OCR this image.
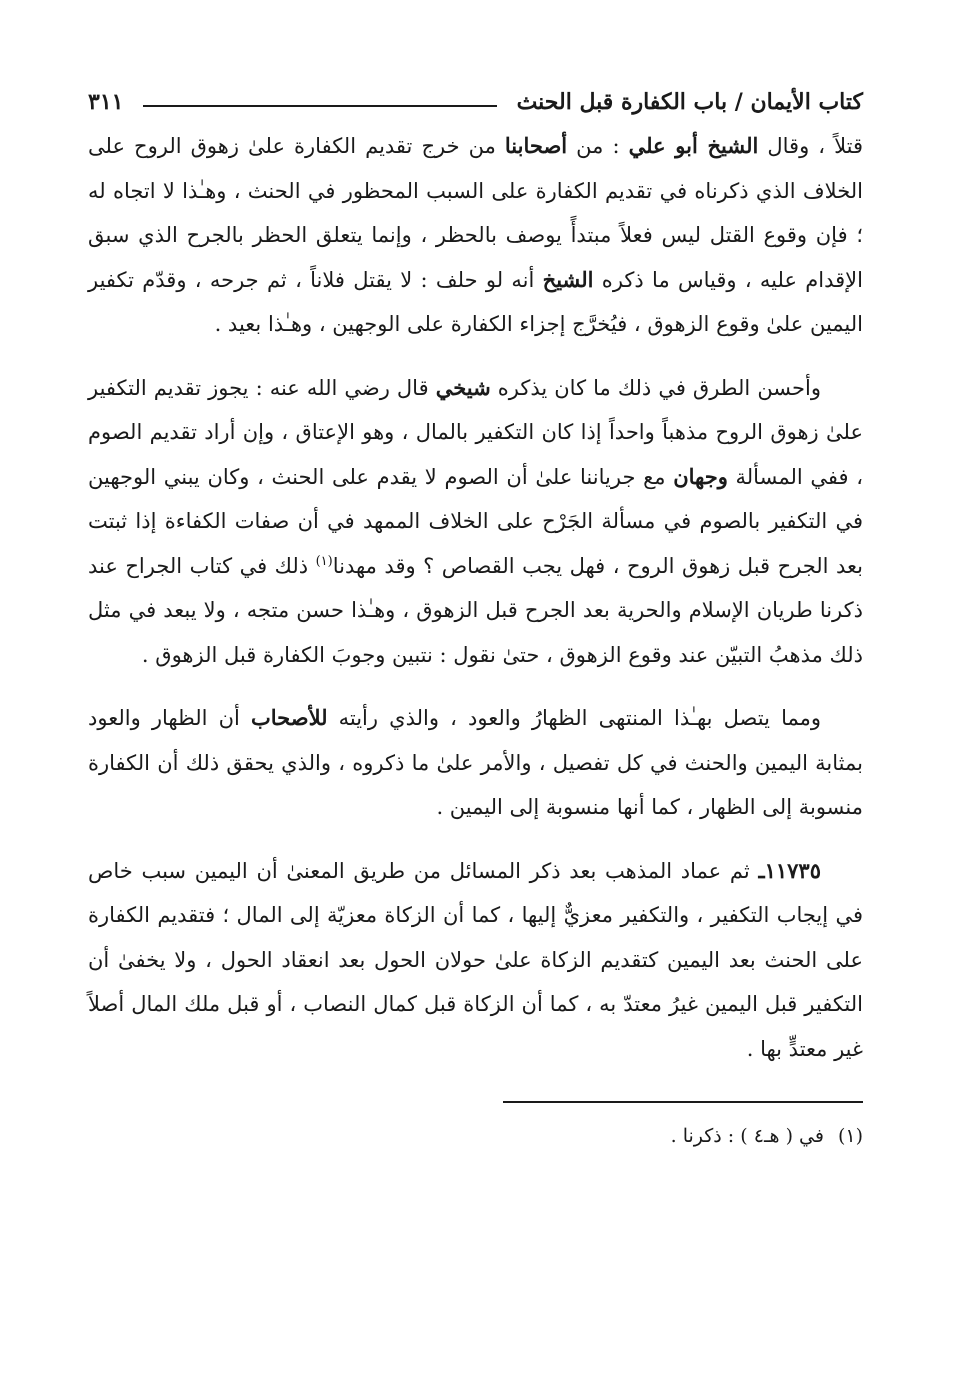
كتاب الأيمان / باب الكفارة قبل الحنث
٣١١

قتلاً ، وقال الشيخ أبو علي : من أصحابنا من خرج تقديم الكفارة علىٰ زهوق الروح على الخلاف الذي ذكرناه في تقديم الكفارة على السبب المحظور في الحنث ، وهـٰذا لا اتجاه له ؛ فإن وقوع القتل ليس فعلاً مبتدأً يوصف بالحظر ، وإنما يتعلق الحظر بالجرح الذي سبق الإقدام عليه ، وقياس ما ذكره الشيخ أنه لو حلف : لا يقتل فلاناً ، ثم جرحه ، وقدّم تكفير اليمين علىٰ وقوع الزهوق ، فيُخرَّج إجزاء الكفارة على الوجهين ، وهـٰذا بعيد .

وأحسن الطرق في ذلك ما كان يذكره شيخي قال رضي الله عنه : يجوز تقديم التكفير علىٰ زهوق الروح مذهباً واحداً إذا كان التكفير بالمال ، وهو الإعتاق ، وإن أراد تقديم الصوم ، ففي المسألة وجهان مع جرياننا علىٰ أن الصوم لا يقدم على الحنث ، وكان يبني الوجهين في التكفير بالصوم في مسألة الجَرْح على الخلاف الممهد في أن صفات الكفاءة إذا ثبتت بعد الجرح قبل زهوق الروح ، فهل يجب القصاص ؟ وقد مهدنا$^{(١)}$ ذلك في كتاب الجراح عند ذكرنا طريان الإسلام والحرية بعد الجرح قبل الزهوق ، وهـٰذا حسن متجه ، ولا يبعد في مثل ذلك مذهبُ التبيّن عند وقوع الزهوق ، حتىٰ نقول : نتبين وجوبَ الكفارة قبل الزهوق .

ومما يتصل بهـٰذا المنتهى الظهارُ والعود ، والذي رأيته للأصحاب أن الظهار والعود بمثابة اليمين والحنث في كل تفصيل ، والأمر علىٰ ما ذكروه ، والذي يحقق ذلك أن الكفارة منسوبة إلى الظهار ، كما أنها منسوبة إلى اليمين .

١١٧٣٥ـ ثم عماد المذهب بعد ذكر المسائل من طريق المعنىٰ أن اليمين سبب خاص في إيجاب التكفير ، والتكفير معزيٌّ إليها ، كما أن الزكاة معزيّة إلى المال ؛ فتقديم الكفارة على الحنث بعد اليمين كتقديم الزكاة علىٰ حولان الحول بعد انعقاد الحول ، ولا يخفىٰ أن التكفير قبل اليمين غيرُ معتدّ به ، كما أن الزكاة قبل كمال النصاب ، أو قبل ملك المال أصلاً غير معتدٍّ بها .

(١)في ( هـ٤ ) : ذكرنا .
